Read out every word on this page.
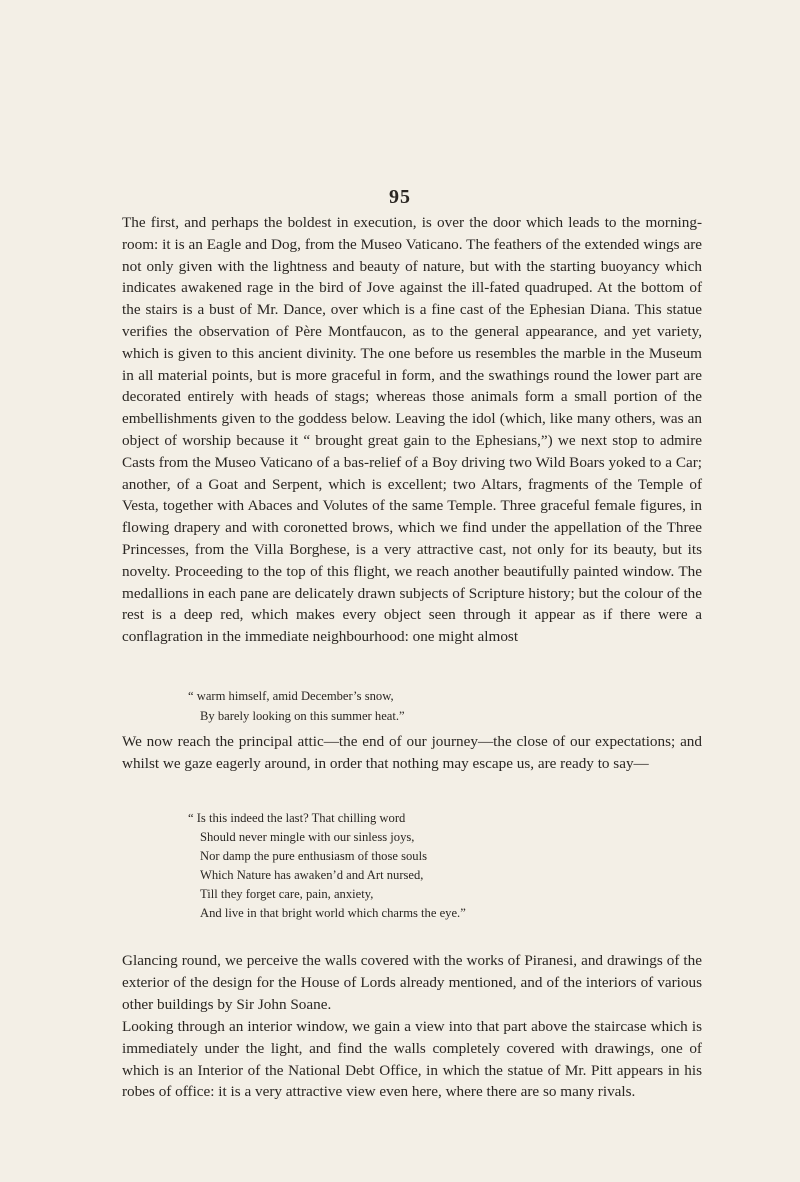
95

The first, and perhaps the boldest in execution, is over the door which leads to the morning-room: it is an Eagle and Dog, from the Museo Vaticano. The feathers of the extended wings are not only given with the lightness and beauty of nature, but with the starting buoyancy which indicates awakened rage in the bird of Jove against the ill-fated quadruped. At the bottom of the stairs is a bust of Mr. Dance, over which is a fine cast of the Ephesian Diana. This statue verifies the observation of Père Montfaucon, as to the general appearance, and yet variety, which is given to this ancient divinity. The one before us resembles the marble in the Museum in all material points, but is more graceful in form, and the swathings round the lower part are decorated entirely with heads of stags; whereas those animals form a small portion of the embellishments given to the goddess below. Leaving the idol (which, like many others, was an object of worship because it “ brought great gain to the Ephesians,”) we next stop to admire Casts from the Museo Vaticano of a bas-relief of a Boy driving two Wild Boars yoked to a Car; another, of a Goat and Serpent, which is excellent; two Altars, fragments of the Temple of Vesta, together with Abaces and Volutes of the same Temple. Three graceful female figures, in flowing drapery and with coronetted brows, which we find under the appellation of the Three Princesses, from the Villa Borghese, is a very attractive cast, not only for its beauty, but its novelty. Proceeding to the top of this flight, we reach another beautifully painted window. The medallions in each pane are delicately drawn subjects of Scripture history; but the colour of the rest is a deep red, which makes every object seen through it appear as if there were a conflagration in the immediate neighbourhood: one might almost

“ warm himself, amid December’s snow,
By barely looking on this summer heat.”

We now reach the principal attic—the end of our journey—the close of our expectations; and whilst we gaze eagerly around, in order that nothing may escape us, are ready to say—

“ Is this indeed the last? That chilling word
Should never mingle with our sinless joys,
Nor damp the pure enthusiasm of those souls
Which Nature has awaken’d and Art nursed,
Till they forget care, pain, anxiety,
And live in that bright world which charms the eye.”

Glancing round, we perceive the walls covered with the works of Piranesi, and drawings of the exterior of the design for the House of Lords already mentioned, and of the interiors of various other buildings by Sir John Soane.

Looking through an interior window, we gain a view into that part above the staircase which is immediately under the light, and find the walls completely covered with drawings, one of which is an Interior of the National Debt Office, in which the statue of Mr. Pitt appears in his robes of office: it is a very attractive view even here, where there are so many rivals.
